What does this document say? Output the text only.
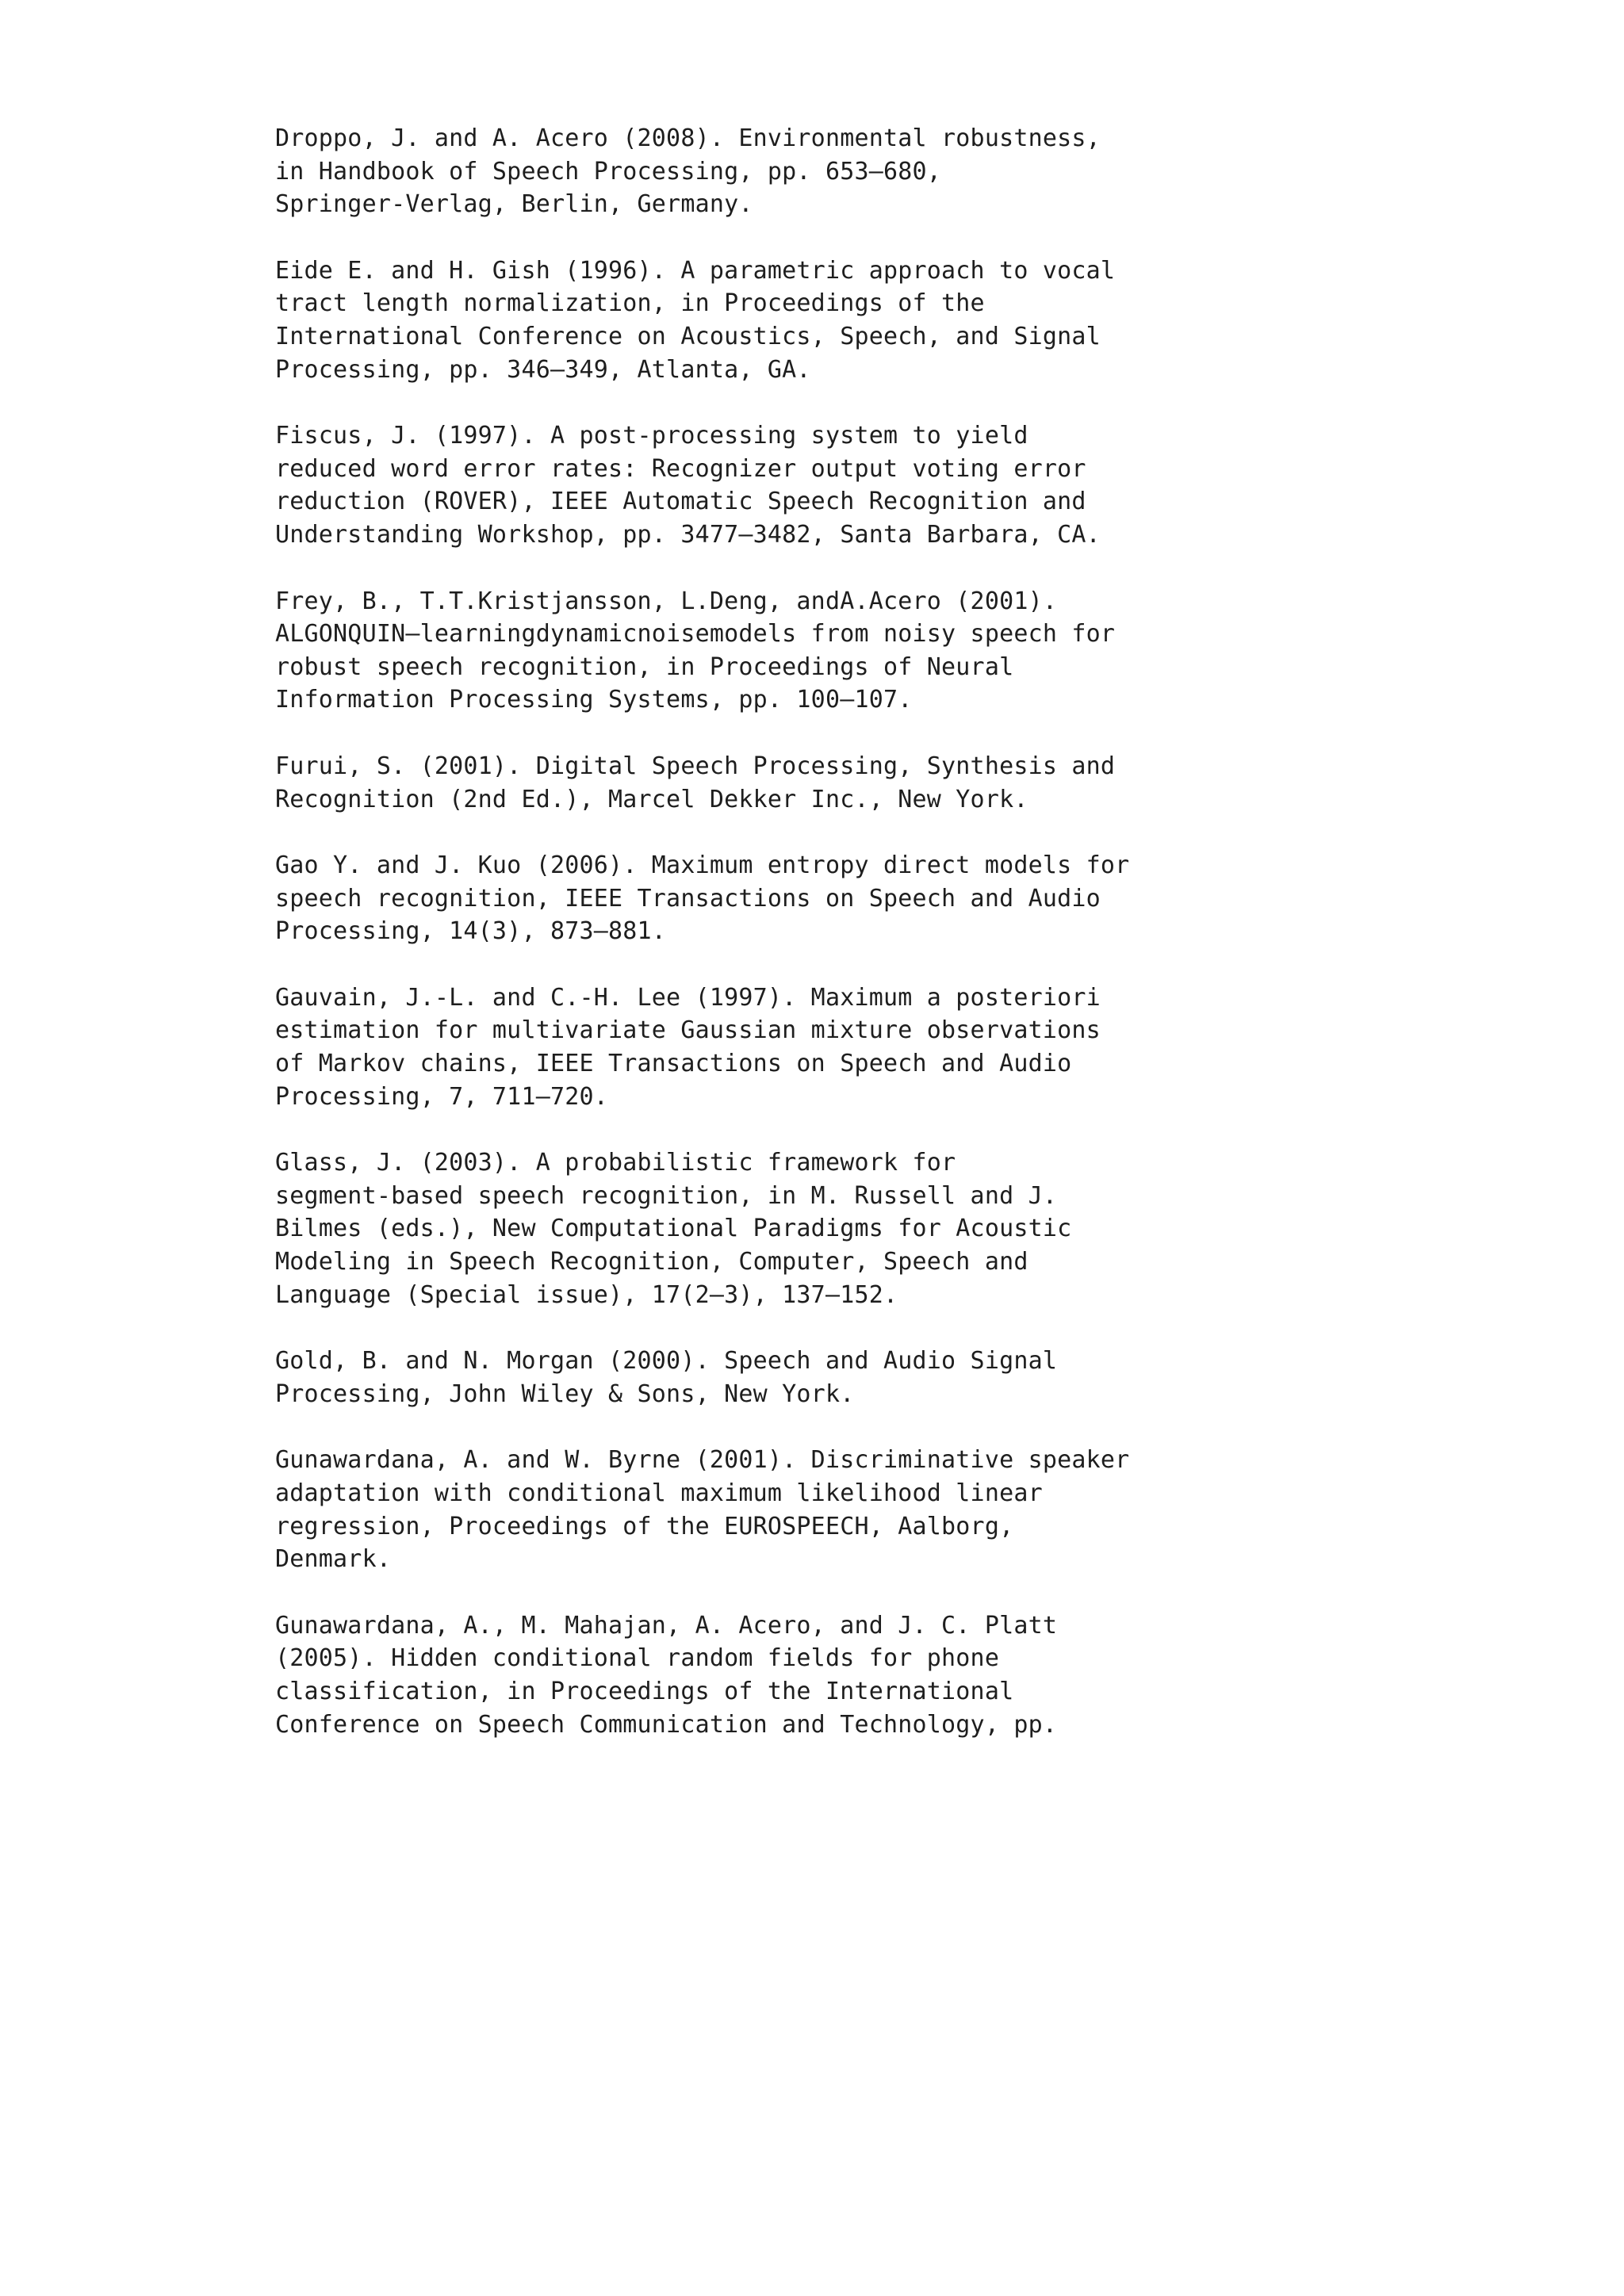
Droppo, J. and A. Acero (2008). Environmental robustness,
in Handbook of Speech Processing, pp. 653–680,
Springer-Verlag, Berlin, Germany.
Eide E. and H. Gish (1996). A parametric approach to vocal
tract length normalization, in Proceedings of the
International Conference on Acoustics, Speech, and Signal
Processing, pp. 346–349, Atlanta, GA.
Fiscus, J. (1997). A post-processing system to yield
reduced word error rates: Recognizer output voting error
reduction (ROVER), IEEE Automatic Speech Recognition and
Understanding Workshop, pp. 3477–3482, Santa Barbara, CA.
Frey, B., T.T.Kristjansson, L.Deng, andA.Acero (2001).
ALGONQUIN—learningdynamicnoisemodels from noisy speech for
robust speech recognition, in Proceedings of Neural
Information Processing Systems, pp. 100–107.
Furui, S. (2001). Digital Speech Processing, Synthesis and
Recognition (2nd Ed.), Marcel Dekker Inc., New York.
Gao Y. and J. Kuo (2006). Maximum entropy direct models for
speech recognition, IEEE Transactions on Speech and Audio
Processing, 14(3), 873–881.
Gauvain, J.-L. and C.-H. Lee (1997). Maximum a posteriori
estimation for multivariate Gaussian mixture observations
of Markov chains, IEEE Transactions on Speech and Audio
Processing, 7, 711–720.
Glass, J. (2003). A probabilistic framework for
segment-based speech recognition, in M. Russell and J.
Bilmes (eds.), New Computational Paradigms for Acoustic
Modeling in Speech Recognition, Computer, Speech and
Language (Special issue), 17(2–3), 137–152.
Gold, B. and N. Morgan (2000). Speech and Audio Signal
Processing, John Wiley & Sons, New York.
Gunawardana, A. and W. Byrne (2001). Discriminative speaker
adaptation with conditional maximum likelihood linear
regression, Proceedings of the EUROSPEECH, Aalborg,
Denmark.
Gunawardana, A., M. Mahajan, A. Acero, and J. C. Platt
(2005). Hidden conditional random fields for phone
classification, in Proceedings of the International
Conference on Speech Communication and Technology, pp.
